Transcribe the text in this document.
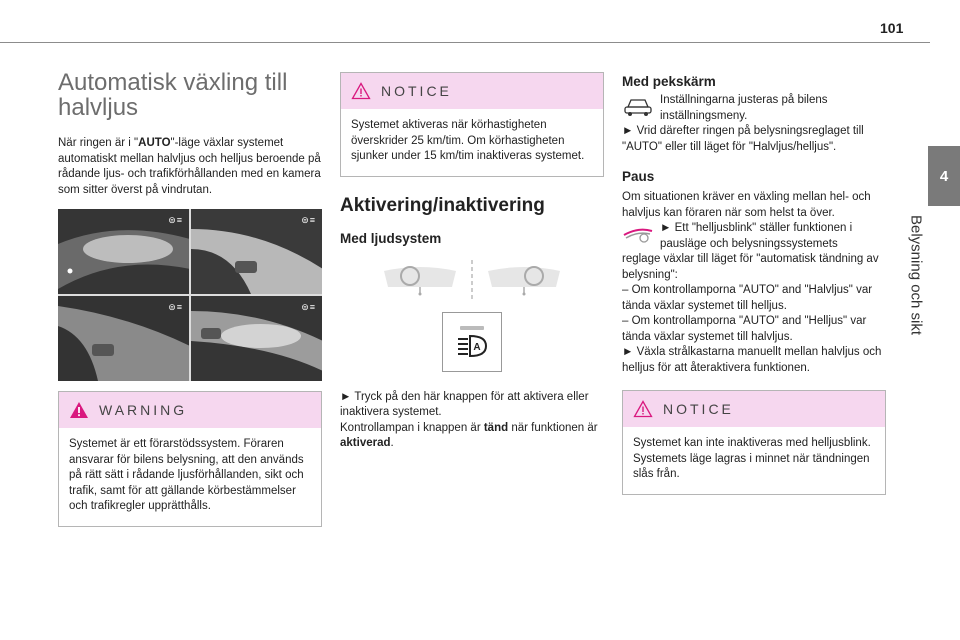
101
4
Belysning och sikt
Automatisk växling till halvljus

När ringen är i "AUTO"-läge växlar systemet automatiskt mellan halvljus och helljus beroende på rådande ljus- och trafikförhållanden med en kamera som sitter överst på vindrutan.

⊜≡	⊜≡
⊜≡	⊜≡
WARNING

Systemet är ett förarstödssystem. Föraren ansvarar för bilens belysning, att den används på rätt sätt i rådande ljusförhållanden, sikt och trafik, samt för att gällande körbestämmelser och trafikregler upprätthålls.

NOTICE

Systemet aktiveras när körhastigheten överskrider 25 km/tim. Om körhastigheten sjunker under 15 km/tim inaktiveras systemet.

Aktivering/inaktivering
Med ljudsystem
A

► Tryck på den här knappen för att aktivera eller inaktivera systemet.

Kontrollampan i knappen är tänd när funktionen är aktiverad.

Med pekskärm

Inställningarna justeras på bilens inställningsmeny.

► Vrid därefter ringen på belysningsreglaget till "AUTO" eller till läget för "Halvljus/helljus".

Paus

Om situationen kräver en växling mellan hel- och halvljus kan föraren när som helst ta över.

► Ett "helljusblink" ställer funktionen i pausläge och belysningssystemets

reglage växlar till läget för "automatisk tändning av belysning":

– Om kontrollamporna "AUTO" and "Halvljus" var tända växlar systemet till helljus.

– Om kontrollamporna "AUTO" and "Helljus" var tända växlar systemet till halvljus.

► Växla strålkastarna manuellt mellan halvljus och helljus för att återaktivera funktionen.

NOTICE

Systemet kan inte inaktiveras med helljusblink. Systemets läge lagras i minnet när tändningen slås från.
